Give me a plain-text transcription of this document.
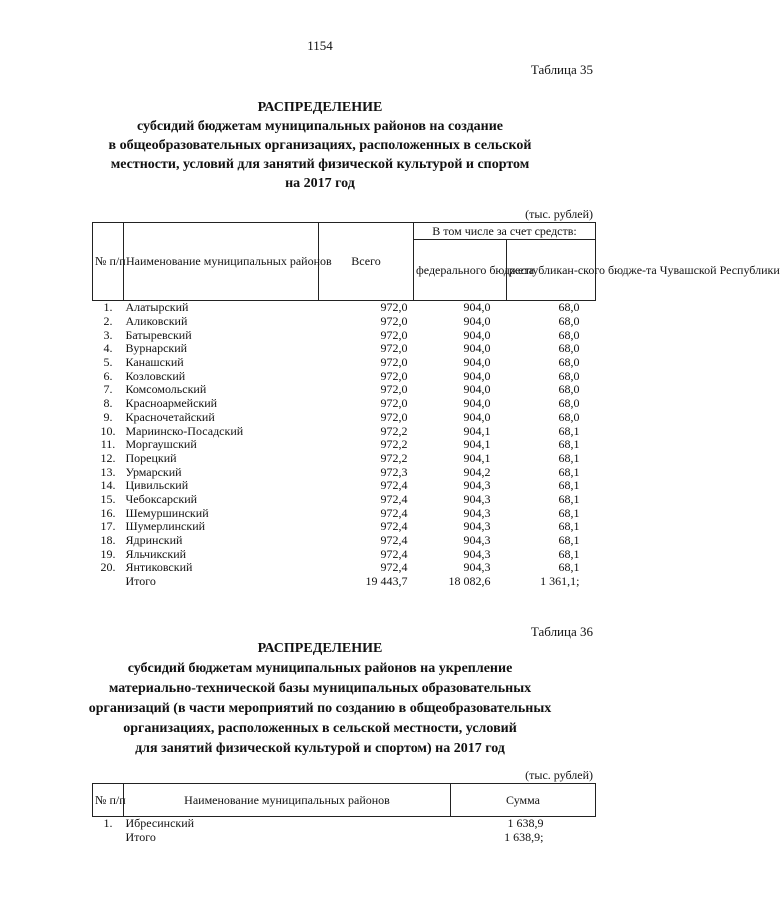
1154
Таблица 35
РАСПРЕДЕЛЕНИЕ
субсидий бюджетам муниципальных районов на создание
в общеобразовательных организациях, расположенных в сельской
местности, условий для занятий физической культурой и спортом
на 2017 год
(тыс. рублей)
№ п/п	Наименование муниципальных районов	Всего	В том числе за счет средств:	
			федерального бюджета	республикан-ского бюдже-та Чувашской Республики
1.	Алатырский	972,0	904,0	68,0
2.	Аликовский	972,0	904,0	68,0
3.	Батыревский	972,0	904,0	68,0
4.	Вурнарский	972,0	904,0	68,0
5.	Канашский	972,0	904,0	68,0
6.	Козловский	972,0	904,0	68,0
7.	Комсомольский	972,0	904,0	68,0
8.	Красноармейский	972,0	904,0	68,0
9.	Красночетайский	972,0	904,0	68,0
10.	Мариинско-Посадский	972,2	904,1	68,1
11.	Моргаушский	972,2	904,1	68,1
12.	Порецкий	972,2	904,1	68,1
13.	Урмарский	972,3	904,2	68,1
14.	Цивильский	972,4	904,3	68,1
15.	Чебоксарский	972,4	904,3	68,1
16.	Шемуршинский	972,4	904,3	68,1
17.	Шумерлинский	972,4	904,3	68,1
18.	Ядринский	972,4	904,3	68,1
19.	Яльчикский	972,4	904,3	68,1
20.	Янтиковский	972,4	904,3	68,1
	Итого	19 443,7	18 082,6	1 361,1;
Таблица 36
РАСПРЕДЕЛЕНИЕ
субсидий бюджетам муниципальных районов на укрепление
материально-технической базы муниципальных образовательных
организаций (в части мероприятий по созданию в общеобразовательных
организациях, расположенных в сельской местности, условий
для занятий физической культурой и спортом) на 2017 год
(тыс. рублей)
№ п/п	Наименование муниципальных районов	Сумма
1.	Ибресинский	1 638,9
	Итого	1 638,9;
